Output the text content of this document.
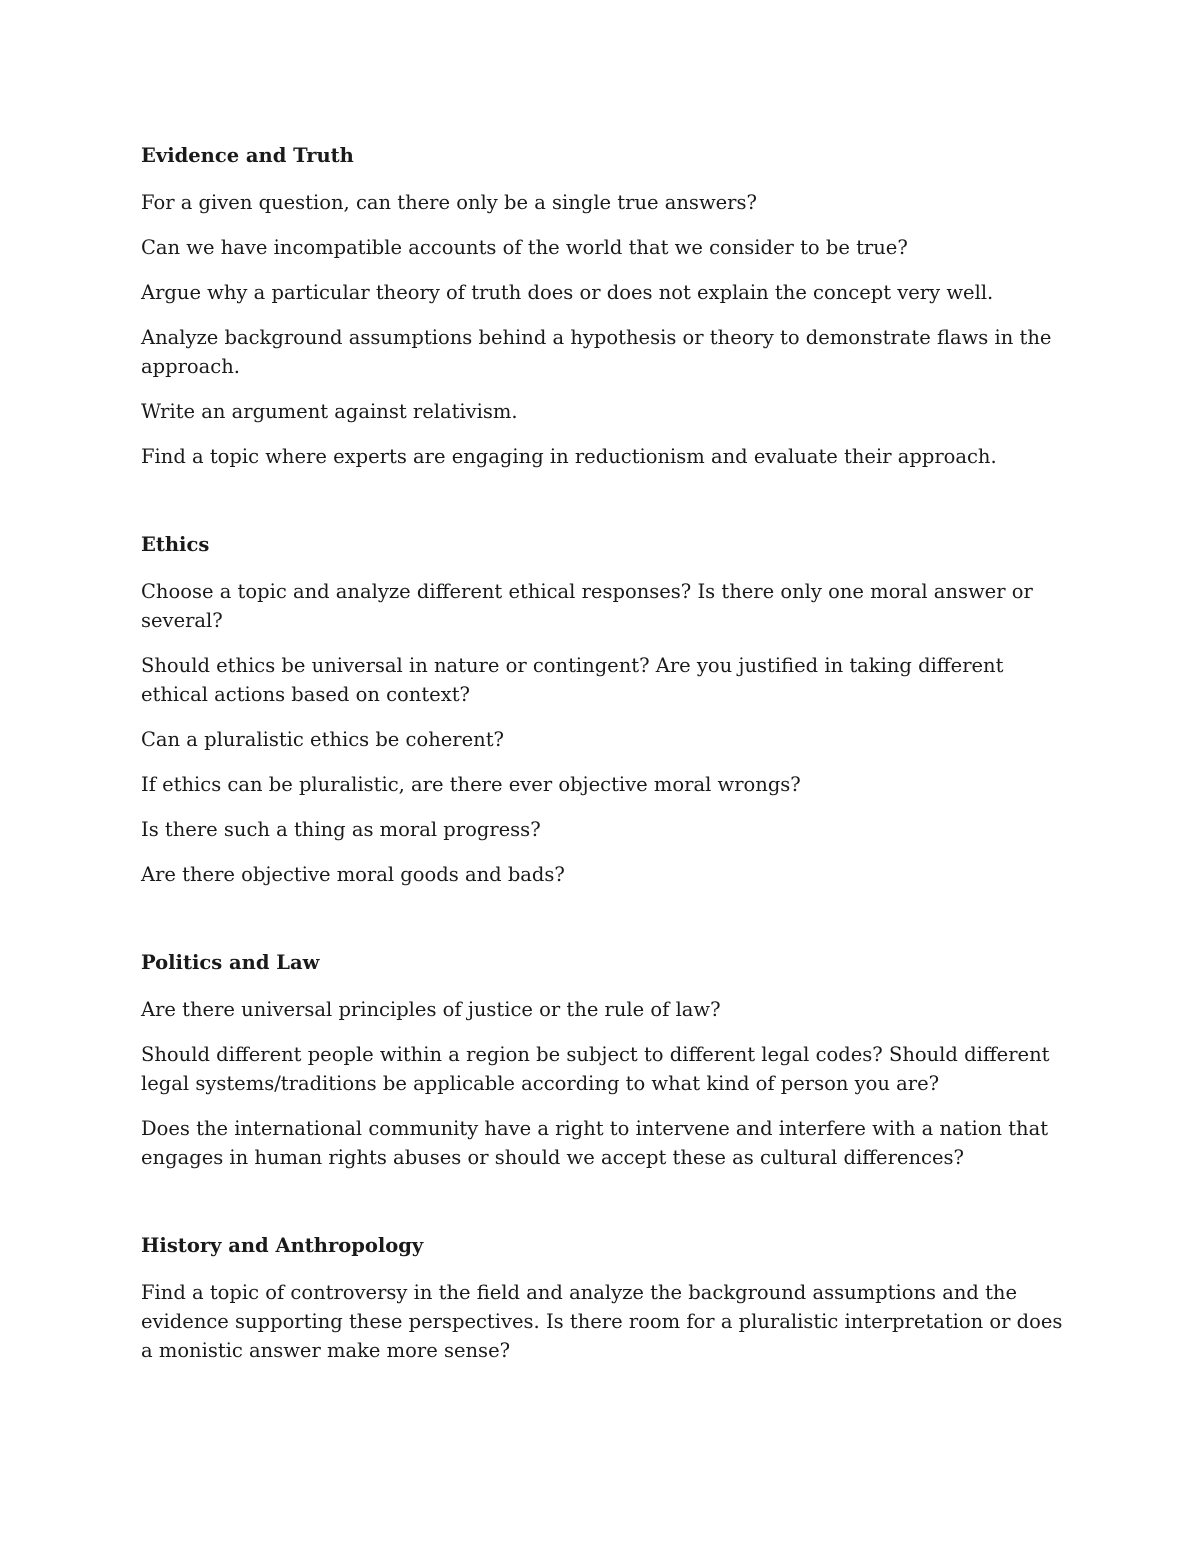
Evidence and Truth
For a given question, can there only be a single true answers?
Can we have incompatible accounts of the world that we consider to be true?
Argue why a particular theory of truth does or does not explain the concept very well.
Analyze background assumptions behind a hypothesis or theory to demonstrate flaws in the approach.
Write an argument against relativism.
Find a topic where experts are engaging in reductionism and evaluate their approach.
Ethics
Choose a topic and analyze different ethical responses? Is there only one moral answer or several?
Should ethics be universal in nature or contingent? Are you justified in taking different ethical actions based on context?
Can a pluralistic ethics be coherent?
If ethics can be pluralistic, are there ever objective moral wrongs?
Is there such a thing as moral progress?
Are there objective moral goods and bads?
Politics and Law
Are there universal principles of justice or the rule of law?
Should different people within a region be subject to different legal codes? Should different legal systems/traditions be applicable according to what kind of person you are?
Does the international community have a right to intervene and interfere with a nation that engages in human rights abuses or should we accept these as cultural differences?
History and Anthropology
Find a topic of controversy in the field and analyze the background assumptions and the evidence supporting these perspectives. Is there room for a pluralistic interpretation or does a monistic answer make more sense?
